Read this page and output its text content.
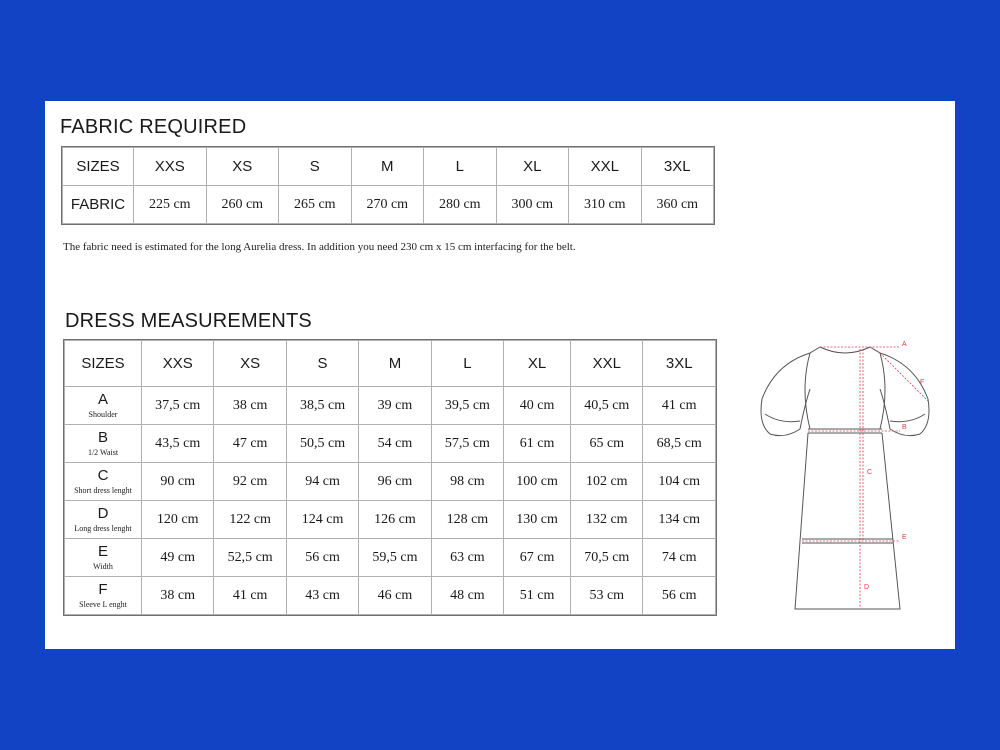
FABRIC REQUIRED
SIZES	XXS	XS	S	M	L	XL	XXL	3XL
FABRIC	225 cm	260 cm	265 cm	270 cm	280 cm	300 cm	310 cm	360 cm
The fabric need is estimated for the long Aurelia dress. In addition you need 230 cm x 15 cm interfacing for the belt.
DRESS MEASUREMENTS
SIZES	XXS	XS	S	M	L	XL	XXL	3XL

A
Shoulder	37,5 cm	38 cm	38,5 cm	39 cm	39,5 cm	40 cm	40,5 cm	41 cm

B
1/2 Waist	43,5 cm	47 cm	50,5 cm	54 cm	57,5 cm	61 cm	65 cm	68,5 cm

C
Short dress lenght	90 cm	92 cm	94 cm	96 cm	98 cm	100 cm	102 cm	104 cm

D
Long dress lenght	120 cm	122 cm	124 cm	126 cm	128 cm	130 cm	132 cm	134 cm

E
Width	49 cm	52,5 cm	56 cm	59,5 cm	63 cm	67 cm	70,5 cm	74 cm

F
Sleeve L enght	38 cm	41 cm	43 cm	46 cm	48 cm	51 cm	53 cm	56 cm
A
B
C
D
E
F
